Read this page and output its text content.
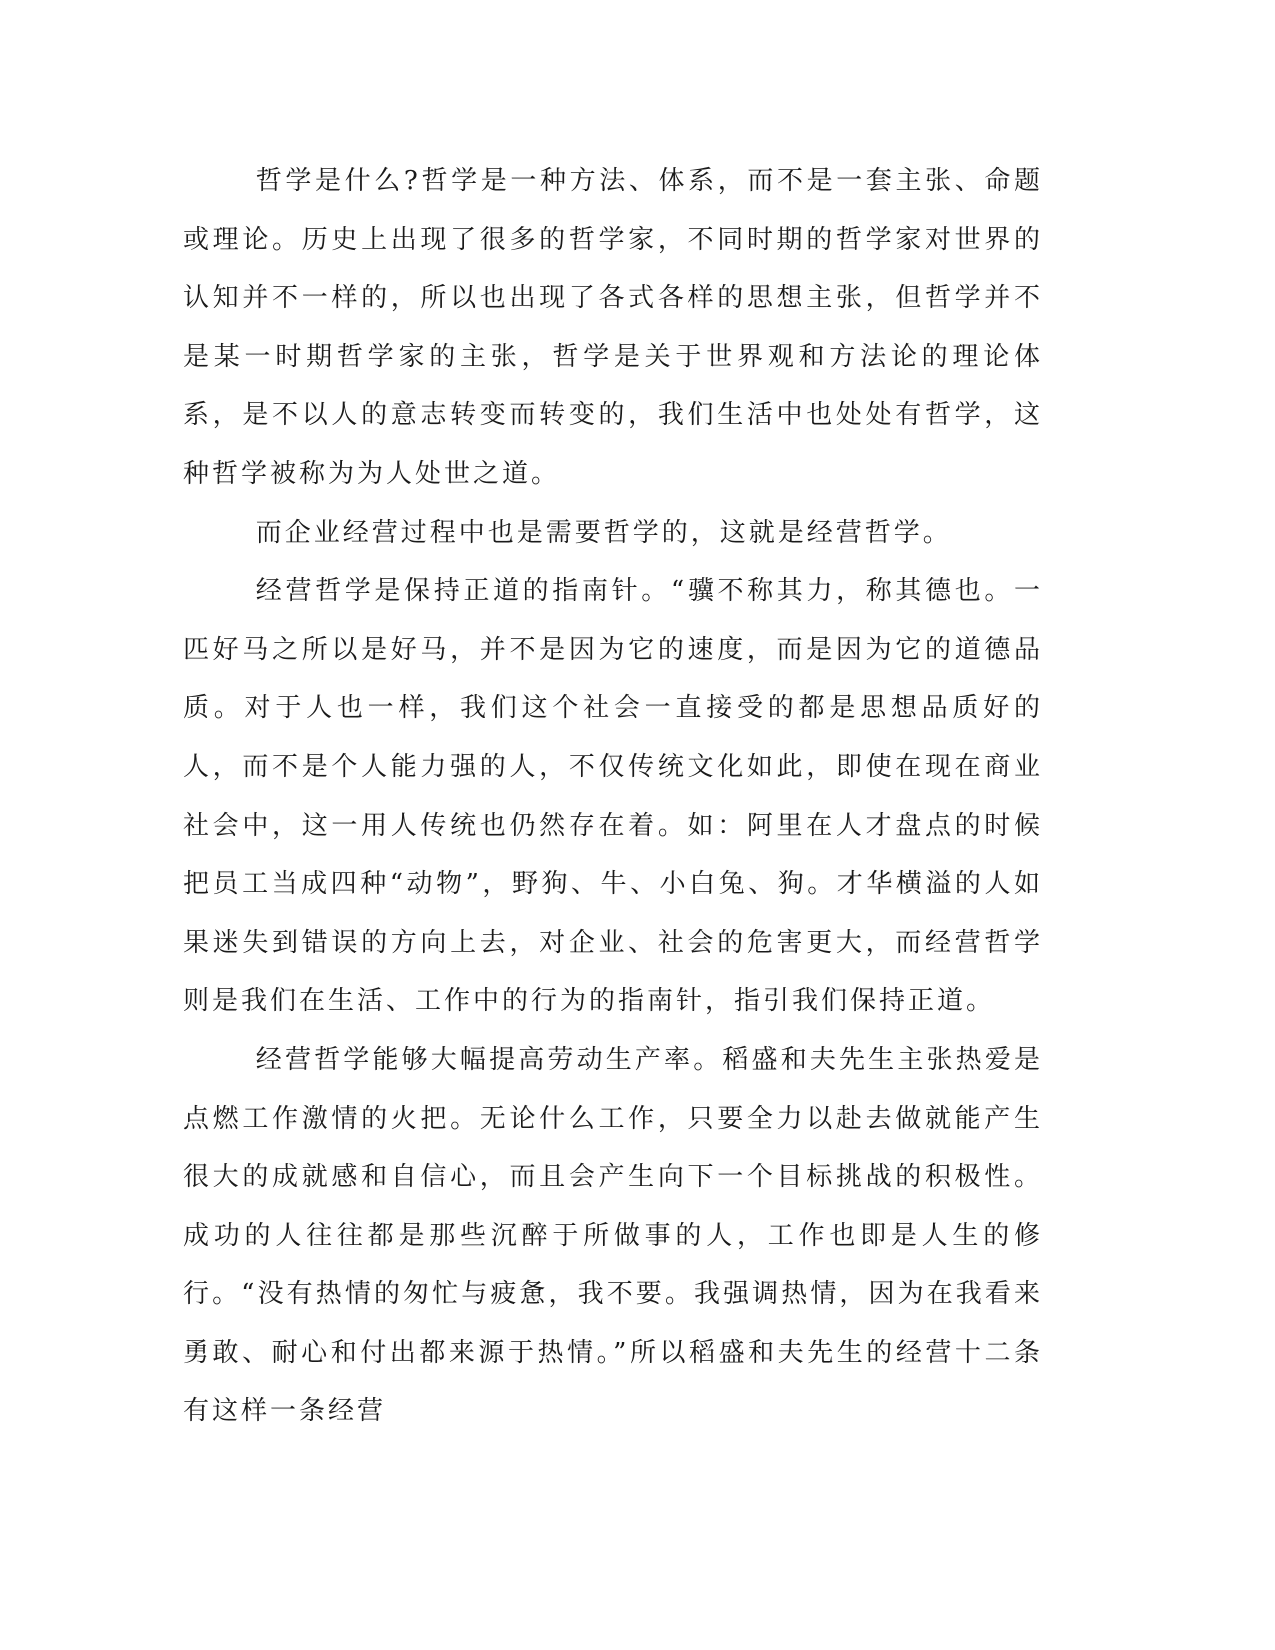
哲学是什么?哲学是一种方法、体系，而不是一套主张、命题或理论。历史上出现了很多的哲学家，不同时期的哲学家对世界的认知并不一样的，所以也出现了各式各样的思想主张，但哲学并不是某一时期哲学家的主张，哲学是关于世界观和方法论的理论体系，是不以人的意志转变而转变的，我们生活中也处处有哲学，这种哲学被称为为人处世之道。

而企业经营过程中也是需要哲学的，这就是经营哲学。

经营哲学是保持正道的指南针。“骥不称其力，称其德也。一匹好马之所以是好马，并不是因为它的速度，而是因为它的道德品质。对于人也一样，我们这个社会一直接受的都是思想品质好的人，而不是个人能力强的人，不仅传统文化如此，即使在现在商业社会中，这一用人传统也仍然存在着。如：阿里在人才盘点的时候把员工当成四种“动物”，野狗、牛、小白兔、狗。才华横溢的人如果迷失到错误的方向上去，对企业、社会的危害更大，而经营哲学则是我们在生活、工作中的行为的指南针，指引我们保持正道。

经营哲学能够大幅提高劳动生产率。稻盛和夫先生主张热爱是点燃工作激情的火把。无论什么工作，只要全力以赴去做就能产生很大的成就感和自信心，而且会产生向下一个目标挑战的积极性。成功的人往往都是那些沉醉于所做事的人，工作也即是人生的修行。“没有热情的匆忙与疲惫，我不要。我强调热情，因为在我看来勇敢、耐心和付出都来源于热情。”所以稻盛和夫先生的经营十二条有这样一条经营
